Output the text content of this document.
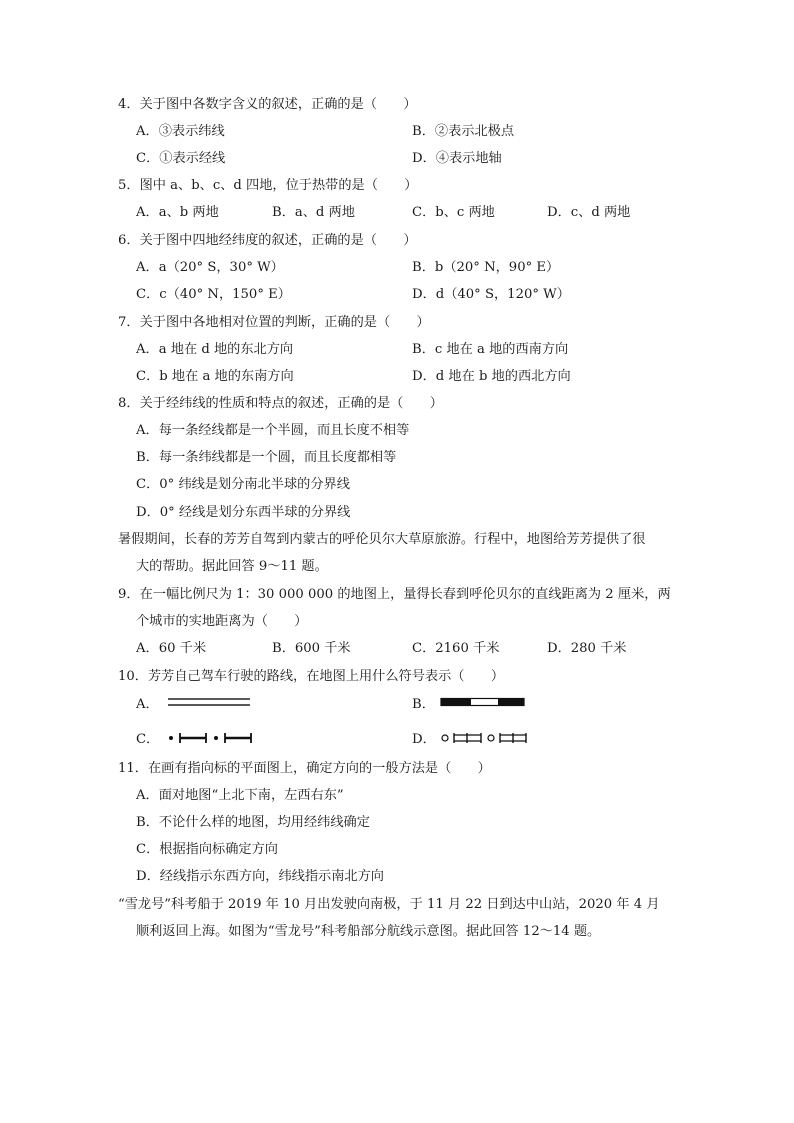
4．关于图中各数字含义的叙述，正确的是（　　）
A．③表示纬线	B．②表示北极点
C．①表示经线	D．④表示地轴
5．图中 a、b、c、d 四地，位于热带的是（　　）
A．a、b 两地	B．a、d 两地	C．b、c 两地	D．c、d 两地
6．关于图中四地经纬度的叙述，正确的是（　　）
A．a（20° S，30° W）	B．b（20° N，90° E）
C．c（40° N，150° E）	D．d（40° S，120° W）
7．关于图中各地相对位置的判断，正确的是（　　）
A．a 地在 d 地的东北方向	B．c 地在 a 地的西南方向
C．b 地在 a 地的东南方向	D．d 地在 b 地的西北方向
8．关于经纬线的性质和特点的叙述，正确的是（　　）
A．每一条经线都是一个半圆，而且长度不相等
B．每一条纬线都是一个圆，而且长度都相等
C．0° 纬线是划分南北半球的分界线
D．0° 经线是划分东西半球的分界线
暑假期间，长春的芳芳自驾到内蒙古的呼伦贝尔大草原旅游。行程中，地图给芳芳提供了很
大的帮助。据此回答 9～11 题。
9．在一幅比例尺为 1：30 000 000 的地图上，量得长春到呼伦贝尔的直线距离为 2 厘米，两
个城市的实地距离为（　　）
A．60 千米	B．600 千米	C．2160 千米	D．280 千米
10．芳芳自己驾车行驶的路线，在地图上用什么符号表示（　　）
A．	B．
C．	D．
11．在画有指向标的平面图上，确定方向的一般方法是（　　）
A．面对地图“上北下南，左西右东”
B．不论什么样的地图，均用经纬线确定
C．根据指向标确定方向
D．经线指示东西方向，纬线指示南北方向
“雪龙号”科考船于 2019 年 10 月出发驶向南极，于 11 月 22 日到达中山站，2020 年 4 月
顺利返回上海。如图为“雪龙号”科考船部分航线示意图。据此回答 12～14 题。
